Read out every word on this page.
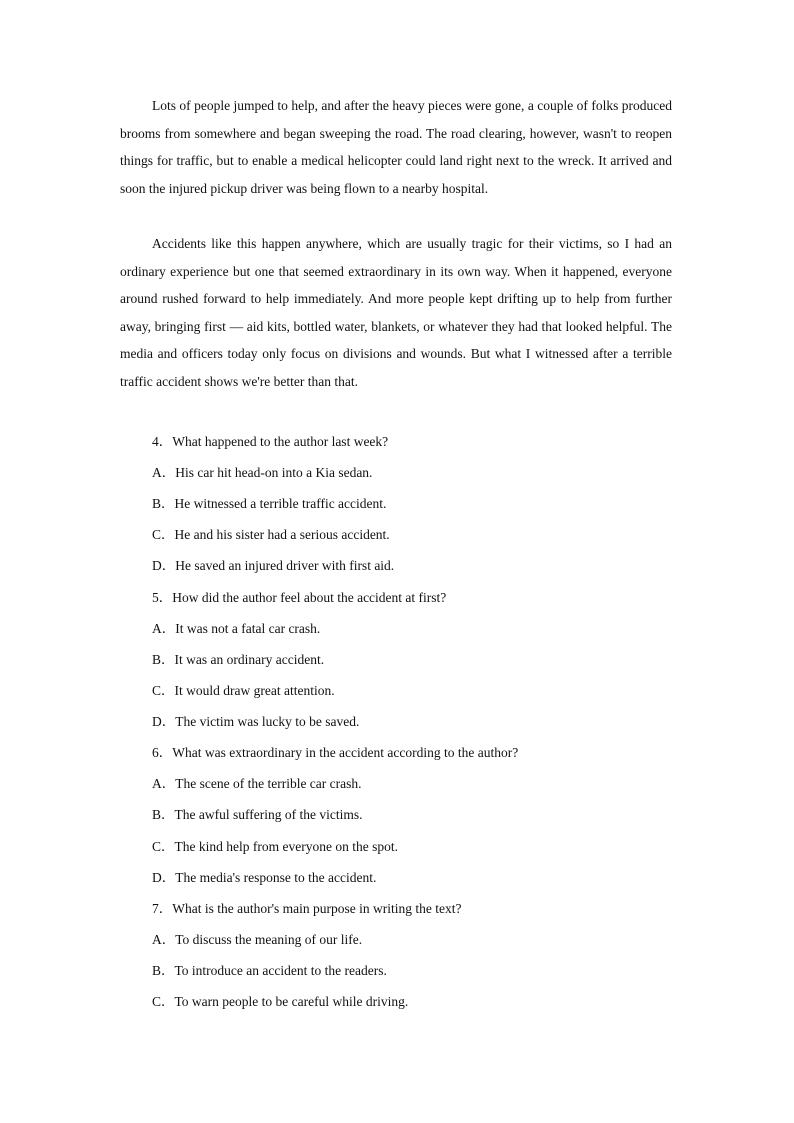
Lots of people jumped to help, and after the heavy pieces were gone, a couple of folks produced brooms from somewhere and began sweeping the road. The road clearing, however, wasn't to reopen things for traffic, but to enable a medical helicopter could land right next to the wreck. It arrived and soon the injured pickup driver was being flown to a nearby hospital.

Accidents like this happen anywhere, which are usually tragic for their victims, so I had an ordinary experience but one that seemed extraordinary in its own way. When it happened, everyone around rushed forward to help immediately. And more people kept drifting up to help from further away, bringing first — aid kits, bottled water, blankets, or whatever they had that looked helpful. The media and officers today only focus on divisions and wounds. But what I witnessed after a terrible traffic accident shows we're better than that.

4．What happened to the author last week?

A．His car hit head-on into a Kia sedan.

B．He witnessed a terrible traffic accident.

C．He and his sister had a serious accident.

D．He saved an injured driver with first aid.

5．How did the author feel about the accident at first?

A．It was not a fatal car crash.

B．It was an ordinary accident.

C．It would draw great attention.

D．The victim was lucky to be saved.

6．What was extraordinary in the accident according to the author?

A．The scene of the terrible car crash.

B．The awful suffering of the victims.

C．The kind help from everyone on the spot.

D．The media's response to the accident.

7．What is the author's main purpose in writing the text?

A．To discuss the meaning of our life.

B．To introduce an accident to the readers.

C．To warn people to be careful while driving.
